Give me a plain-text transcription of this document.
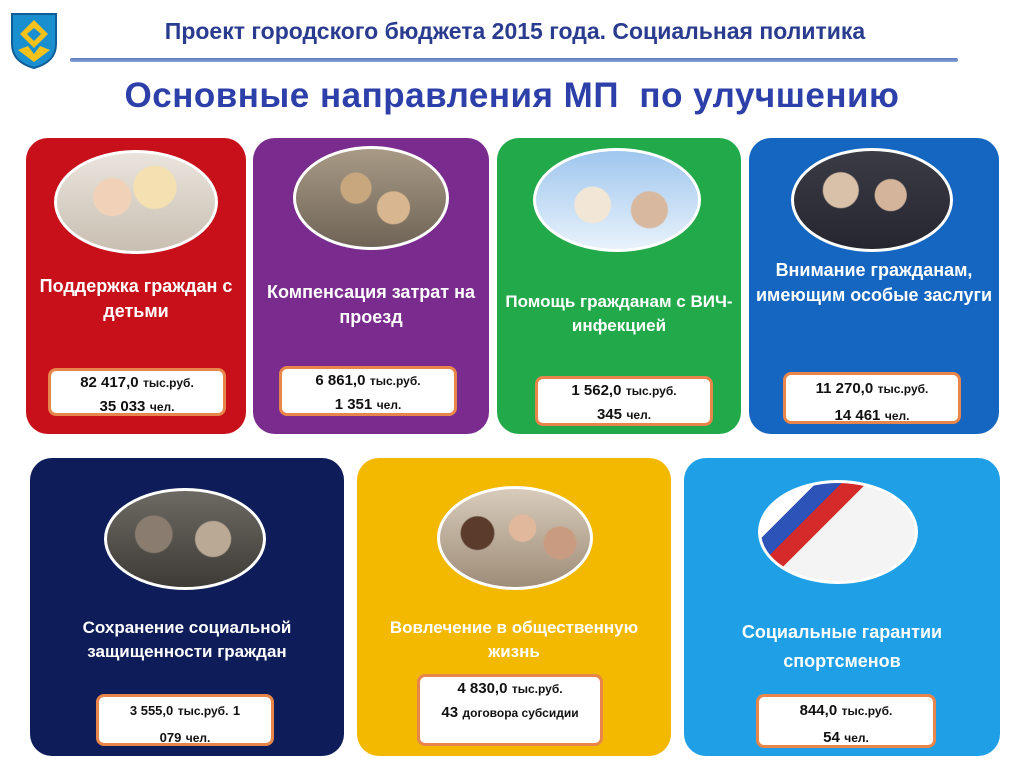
Проект городского бюджета 2015 года. Социальная политика
Основные направления МП  по улучшению
Поддержка граждан с детьми
82 417,0 тыс.руб.
35 033 чел.
Компенсация затрат на проезд
6 861,0 тыс.руб.
1 351 чел.
Помощь гражданам с ВИЧ-инфекцией
1 562,0 тыс.руб.
345 чел.
Внимание гражданам, имеющим особые заслуги
11 270,0 тыс.руб.
14 461 чел.
Сохранение социальной защищенности граждан
3 555,0 тыс.руб. 1
079 чел.
Вовлечение в общественную жизнь
4 830,0 тыс.руб.
43 договора субсидии
Социальные гарантии спортсменов
844,0 тыс.руб.
54 чел.
